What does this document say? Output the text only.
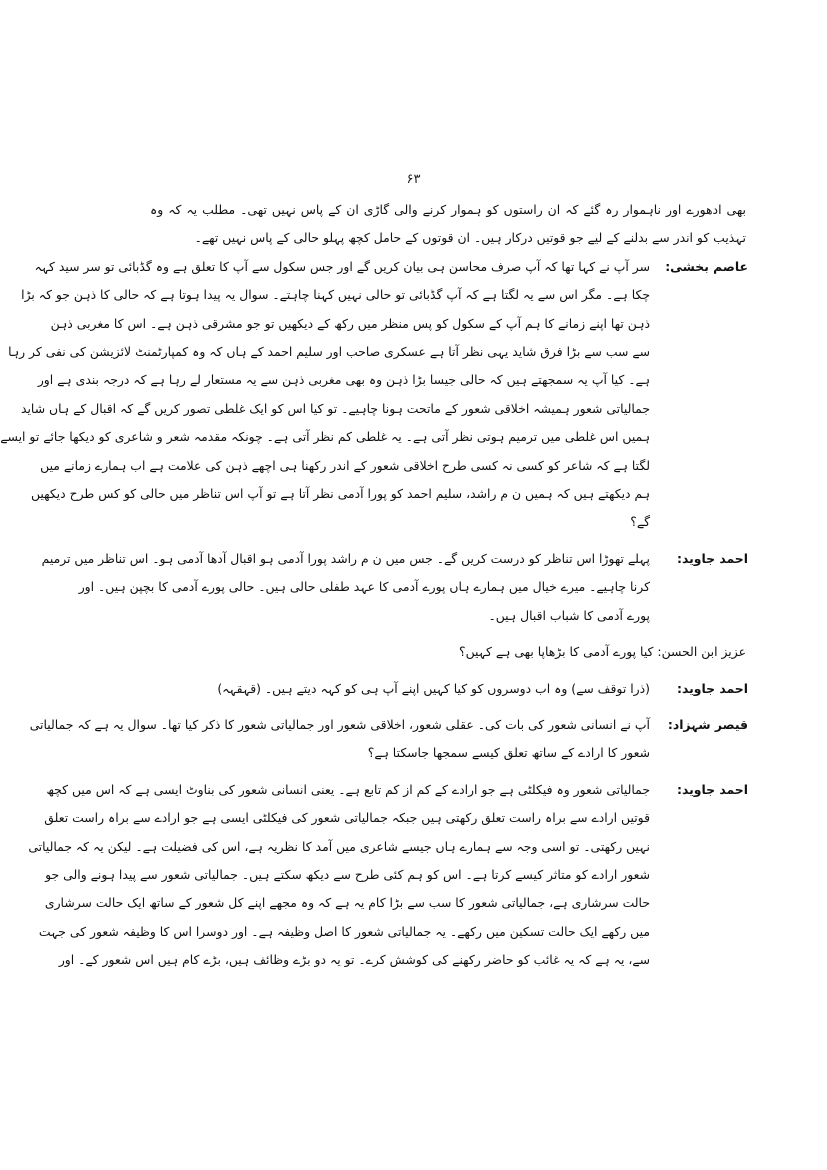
۶۳
بھی ادھورے اور ناہموار رہ گئے کہ ان راستوں کو ہموار کرنے والی گاڑی ان کے پاس نہیں تھی۔ مطلب یہ کہ وہ
تہذیب کو اندر سے بدلنے کے لیے جو قوتیں درکار ہیں۔ ان قوتوں کے حامل کچھ پہلو حالی کے پاس نہیں تھے۔
عاصم بخشی:
سر آپ نے کہا تھا کہ آپ صرف محاسن ہی بیان کریں گے اور جس سکول سے آپ کا تعلق ہے وہ گڈبائی تو سر سید کہہ
چکا ہے۔ مگر اس سے یہ لگتا ہے کہ آپ گڈبائی تو حالی نہیں کہنا چاہتے۔ سوال یہ پیدا ہوتا ہے کہ حالی کا ذہن جو کہ بڑا
ذہن تھا اپنے زمانے کا ہم آپ کے سکول کو پس منظر میں رکھ کے دیکھیں تو جو مشرقی ذہن ہے۔ اس کا مغربی ذہن
سے سب سے بڑا فرق شاید یہی نظر آتا ہے عسکری صاحب اور سلیم احمد کے ہاں کہ وہ کمپارٹمنٹ لائزیشن کی نفی کر رہا
ہے۔ کیا آپ یہ سمجھتے ہیں کہ حالی جیسا بڑا ذہن وہ بھی مغربی ذہن سے یہ مستعار لے رہا ہے کہ درجہ بندی ہے اور
جمالیاتی شعور ہمیشہ اخلاقی شعور کے ماتحت ہونا چاہیے۔ تو کیا اس کو ایک غلطی تصور کریں گے کہ اقبال کے ہاں شاید
ہمیں اس غلطی میں ترمیم ہوتی نظر آتی ہے۔ یہ غلطی کم نظر آتی ہے۔ چونکہ مقدمہ شعر و شاعری کو دیکھا جائے تو ایسے
لگتا ہے کہ شاعر کو کسی نہ کسی طرح اخلاقی شعور کے اندر رکھنا ہی اچھے ذہن کی علامت ہے اب ہمارے زمانے میں
ہم دیکھتے ہیں کہ ہمیں ن م راشد، سلیم احمد کو پورا آدمی نظر آتا ہے تو آپ اس تناظر میں حالی کو کس طرح دیکھیں
گے؟
احمد جاوید:
پہلے تھوڑا اس تناظر کو درست کریں گے۔ جس میں ن م راشد پورا آدمی ہو اقبال آدھا آدمی ہو۔ اس تناظر میں ترمیم
کرنا چاہیے۔ میرے خیال میں ہمارے ہاں پورے آدمی کا عہد طفلی حالی ہیں۔ حالی پورے آدمی کا بچپن ہیں۔ اور
پورے آدمی کا شباب اقبال ہیں۔
عزیز ابن الحسن: کیا پورے آدمی کا بڑھاپا بھی ہے کہیں؟
احمد جاوید:
(ذرا توقف سے) وہ اب دوسروں کو کیا کہیں اپنے آپ ہی کو کہہ دیتے ہیں۔ (قہقہہ)
قیصر شہزاد:
آپ نے انسانی شعور کی بات کی۔ عقلی شعور، اخلاقی شعور اور جمالیاتی شعور کا ذکر کیا تھا۔ سوال یہ ہے کہ جمالیاتی
شعور کا ارادے کے ساتھ تعلق کیسے سمجھا جاسکتا ہے؟
احمد جاوید:
جمالیاتی شعور وہ فیکلٹی ہے جو ارادے کے کم از کم تابع ہے۔ یعنی انسانی شعور کی بناوٹ ایسی ہے کہ اس میں کچھ
قوتیں ارادے سے براہ راست تعلق رکھتی ہیں جبکہ جمالیاتی شعور کی فیکلٹی ایسی ہے جو ارادے سے براہ راست تعلق
نہیں رکھتی۔ تو اسی وجہ سے ہمارے ہاں جیسے شاعری میں آمد کا نظریہ ہے، اس کی فضیلت ہے۔ لیکن یہ کہ جمالیاتی
شعور ارادے کو متاثر کیسے کرتا ہے۔ اس کو ہم کئی طرح سے دیکھ سکتے ہیں۔ جمالیاتی شعور سے پیدا ہونے والی جو
حالت سرشاری ہے، جمالیاتی شعور کا سب سے بڑا کام یہ ہے کہ وہ مجھے اپنے کل شعور کے ساتھ ایک حالت سرشاری
میں رکھے ایک حالت تسکین میں رکھے۔ یہ جمالیاتی شعور کا اصل وظیفہ ہے۔ اور دوسرا اس کا وظیفہ شعور کی جہت
سے، یہ ہے کہ یہ غائب کو حاضر رکھنے کی کوشش کرے۔ تو یہ دو بڑے وظائف ہیں، بڑے کام ہیں اس شعور کے۔ اور
